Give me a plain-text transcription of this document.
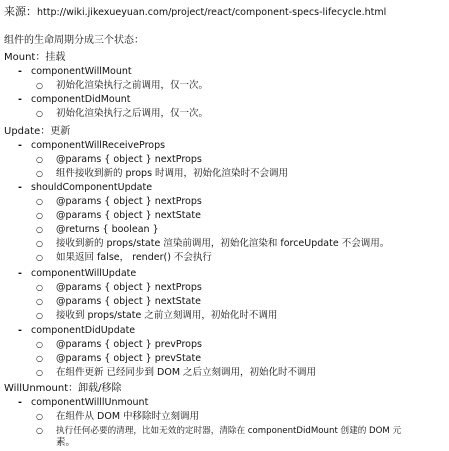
来源：http://wiki.jikexueyuan.com/project/react/component-specs-lifecycle.html
组件的生命周期分成三个状态：
Mount：挂载
- componentWillMount
○ 初始化渲染执行之前调用，仅一次。
- componentDidMount
○ 初始化渲染执行之后调用，仅一次。
Update：更新
- componentWillReceiveProps
○ @params { object } nextProps
○ 组件接收到新的 props 时调用，初始化渲染时不会调用
- shouldComponentUpdate
○ @params { object } nextProps
○ @params { object } nextState
○ @returns { boolean }
○ 接收到新的 props/state 渲染前调用，初始化渲染和 forceUpdate 不会调用。
○ 如果返回 false， render() 不会执行
- componentWillUpdate
○ @params { object } nextProps
○ @params { object } nextState
○ 接收到 props/state 之前立刻调用，初始化时不调用
- componentDidUpdate
○ @params { object } prevProps
○ @params { object } prevState
○ 在组件更新 已经同步到 DOM 之后立刻调用，初始化时不调用
WillUnmount：卸载/移除
- componentWilllUnmount
○ 在组件从 DOM 中移除时立刻调用
○ 执行任何必要的清理，比如无效的定时器，清除在 componentDidMount 创建的 DOM 元
素。
